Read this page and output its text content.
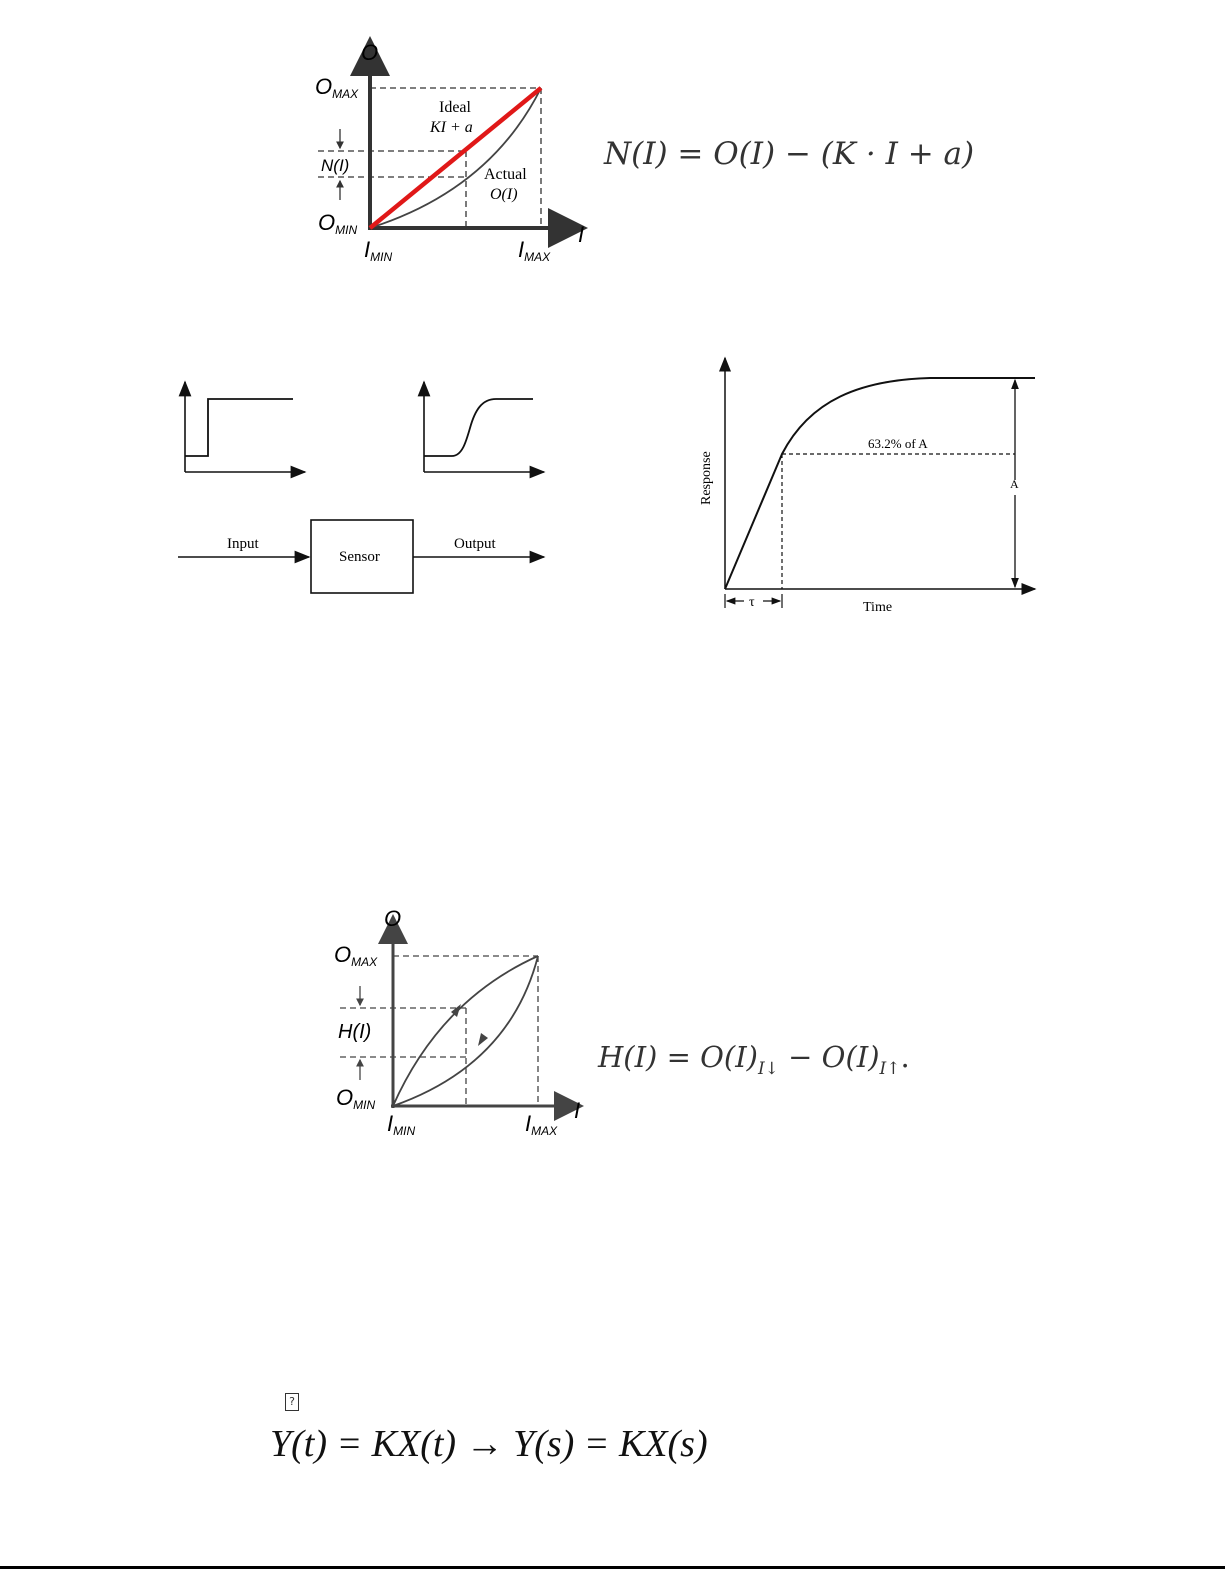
O
I
OMAX
OMIN
IMIN	IMAX
N(I)
Ideal
KI + a
Actual
O(I)
N(I) = O(I) − (K · I + a)
Input
Sensor
Output
τ	Time
Response
63.2% of A
A
O
I
OMAX
OMIN
IMIN	IMAX
H(I)
$H(I) = O(I)_{I↓} - O(I)_{I↑}$.
?
Y(t) = KX(t) → Y(s) = KX(s)
